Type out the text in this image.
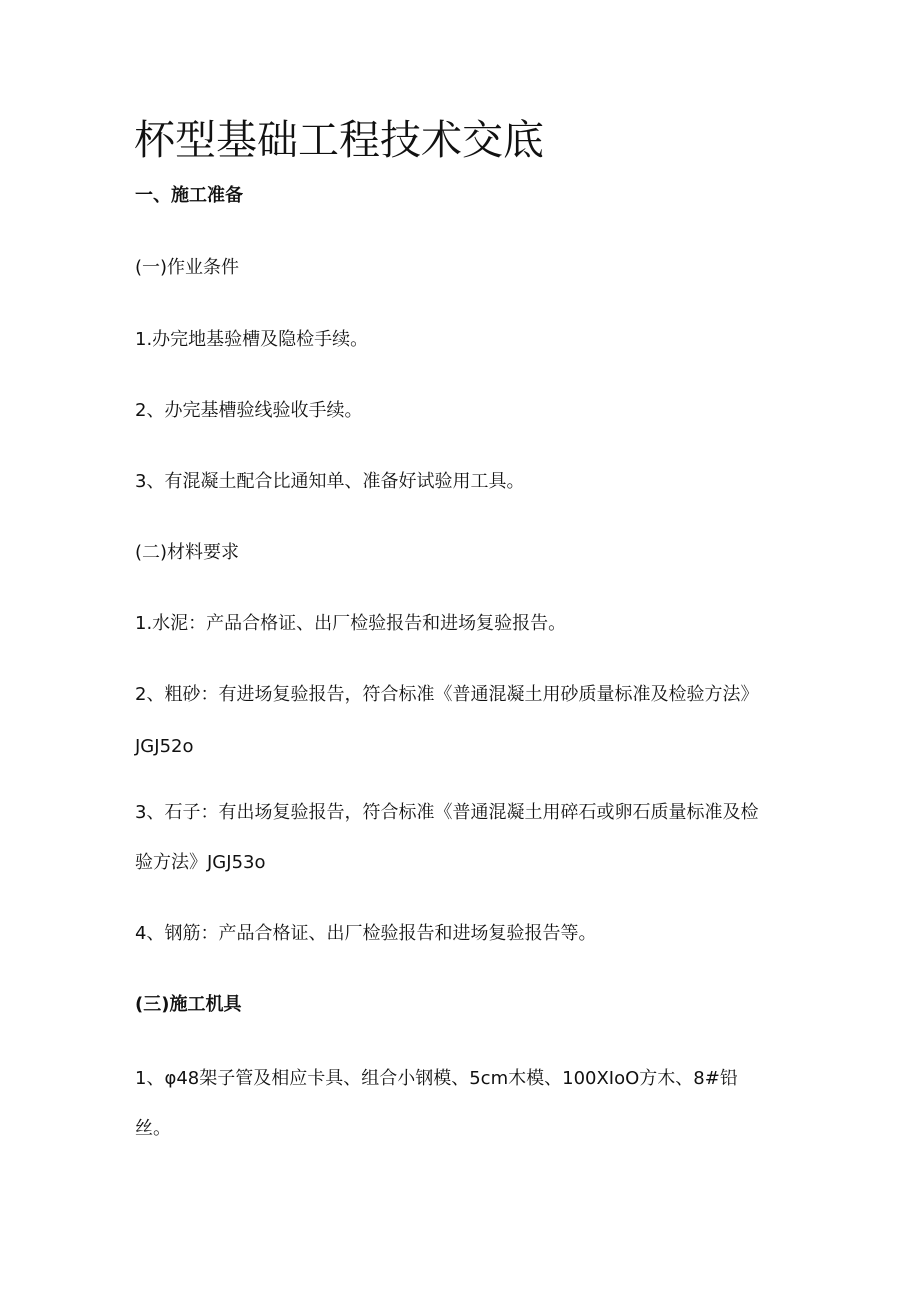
杯型基础工程技术交底
一、施工准备
(一)作业条件
1.办完地基验槽及隐检手续。
2、办完基槽验线验收手续。
3、有混凝土配合比通知单、准备好试验用工具。
(二)材料要求
1.水泥：产品合格证、出厂检验报告和进场复验报告。
2、粗砂：有进场复验报告，符合标准《普通混凝土用砂质量标准及检验方法》
JGJ52o
3、石子：有出场复验报告，符合标准《普通混凝土用碎石或卵石质量标准及检
验方法》JGJ53o
4、钢筋：产品合格证、出厂检验报告和进场复验报告等。
(三)施工机具
1、φ48架子管及相应卡具、组合小钢模、5cm木模、100XIoO方木、8#铅
丝。
